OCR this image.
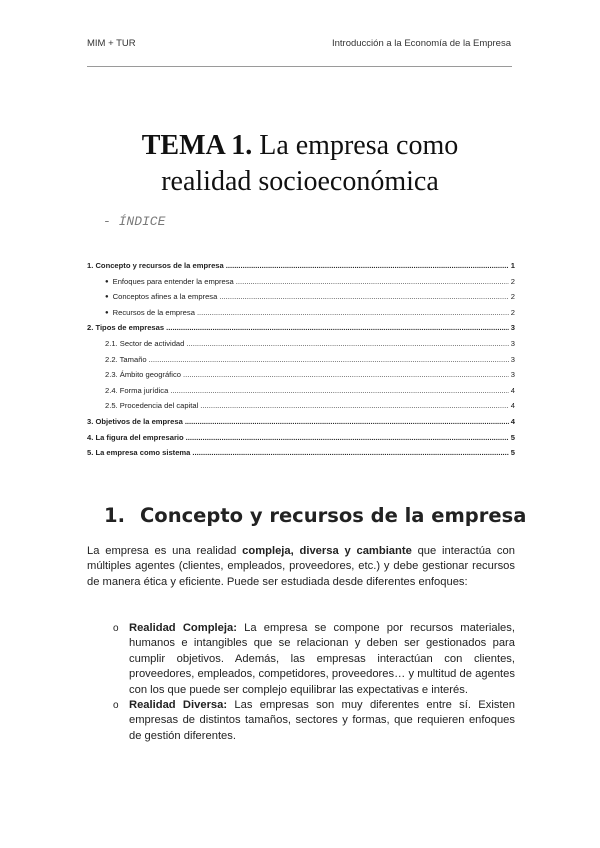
MIM + TUR	Introducción a la Economía de la Empresa
TEMA 1. La empresa como
realidad socioeconómica
- ÍNDICE
1. Concepto y recursos de la empresa .....	1
● Enfoques para entender la empresa .....	2
● Conceptos afines a la empresa .....	2
● Recursos de la empresa .....	2
2. Tipos de empresas .....	3
2.1. Sector de actividad .....	3
2.2. Tamaño .....	3
2.3. Ámbito geográfico .....	3
2.4. Forma jurídica .....	4
2.5. Procedencia del capital .....	4
3. Objetivos de la empresa .....	4
4. La figura del empresario .....	5
5. La empresa como sistema .....	5
1. Concepto y recursos de la empresa
La empresa es una realidad compleja, diversa y cambiante que interactúa con múltiples agentes (clientes, empleados, proveedores, etc.) y debe gestionar recursos de manera ética y eficiente. Puede ser estudiada desde diferentes enfoques:
o Realidad Compleja: La empresa se compone por recursos materiales, humanos e intangibles que se relacionan y deben ser gestionados para cumplir objetivos. Además, las empresas interactúan con clientes, proveedores, empleados, competidores, proveedores… y multitud de agentes con los que puede ser complejo equilibrar las expectativas e interés.
o Realidad Diversa: Las empresas son muy diferentes entre sí. Existen empresas de distintos tamaños, sectores y formas, que requieren enfoques de gestión diferentes.
